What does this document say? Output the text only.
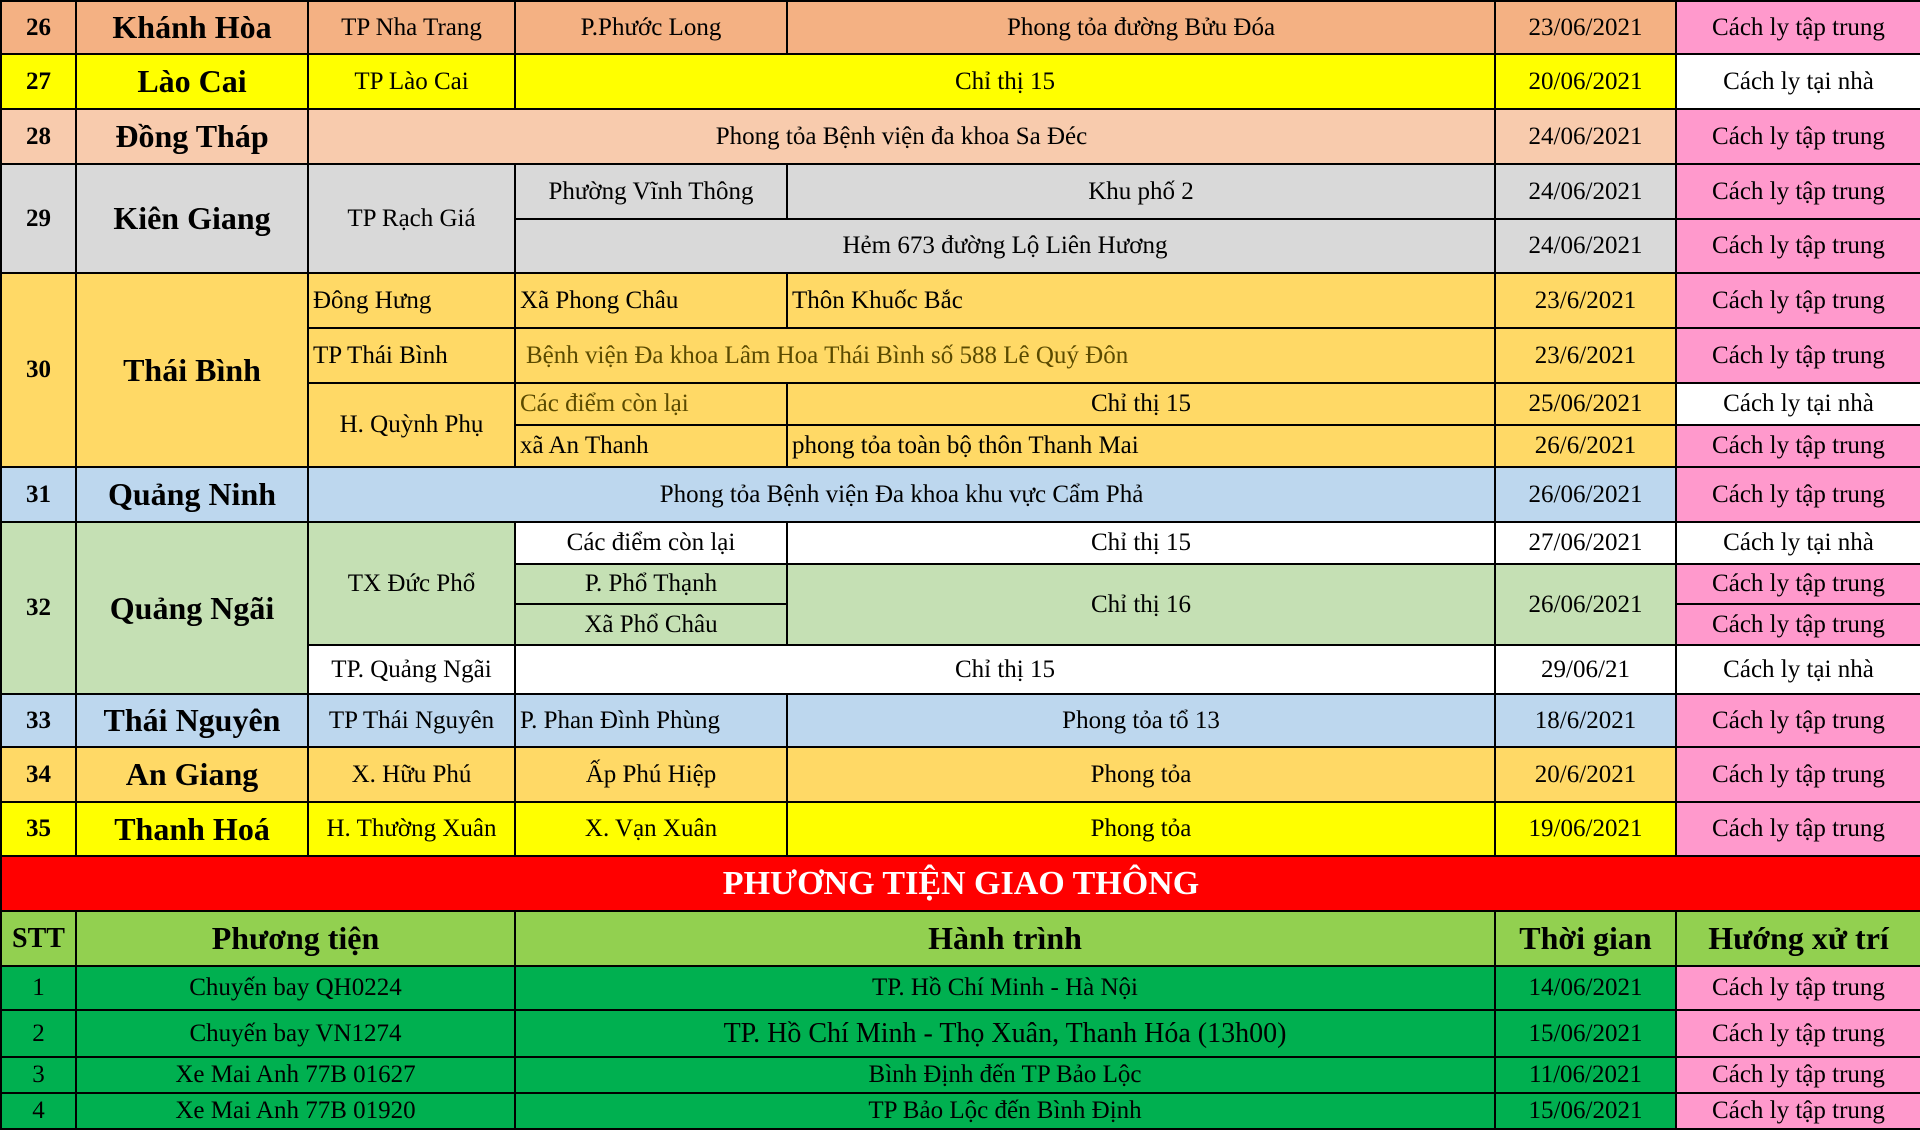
26	Khánh Hòa	TP Nha Trang	P.Phước Long	Phong tỏa đường Bửu Đóa	23/06/2021	Cách ly tập trung
27	Lào Cai	TP Lào Cai	Chỉ thị 15		20/06/2021	Cách ly tại nhà
28	Đồng Tháp	Phong tỏa Bệnh viện đa khoa Sa Đéc			24/06/2021	Cách ly tập trung
29	Kiên Giang	TP Rạch Giá	Phường Vĩnh Thông	Khu phố 2	24/06/2021	Cách ly tập trung
			Hẻm 673 đường Lộ Liên Hương		24/06/2021	Cách ly tập trung
30	Thái Bình	Đông Hưng	Xã Phong Châu	Thôn Khuốc Bắc	23/6/2021	Cách ly tập trung
		TP Thái Bình	Bệnh viện Đa khoa Lâm Hoa Thái Bình số 588 Lê Quý Đôn		23/6/2021	Cách ly tập trung
		H. Quỳnh Phụ	Các điểm còn lại	Chỉ thị 15	25/06/2021	Cách ly tại nhà
			xã An Thanh	phong tỏa toàn bộ thôn Thanh Mai	26/6/2021	Cách ly tập trung
31	Quảng Ninh	Phong tỏa Bệnh viện Đa khoa khu vực Cẩm Phả			26/06/2021	Cách ly tập trung
32	Quảng Ngãi	TX Đức Phổ	Các điểm còn lại	Chỉ thị 15	27/06/2021	Cách ly tại nhà
			P. Phổ Thạnh	Chỉ thị 16	26/06/2021	Cách ly tập trung
			Xã Phổ Châu			Cách ly tập trung
		TP. Quảng Ngãi	Chỉ thị 15		29/06/21	Cách ly tại nhà
33	Thái Nguyên	TP Thái Nguyên	P. Phan Đình Phùng	Phong tỏa tổ 13	18/6/2021	Cách ly tập trung
34	An Giang	X. Hữu Phú	Ấp Phú Hiệp	Phong tỏa	20/6/2021	Cách ly tập trung
35	Thanh Hoá	H. Thường Xuân	X. Vạn Xuân	Phong tỏa	19/06/2021	Cách ly tập trung
PHƯƠNG TIỆN GIAO THÔNG						
STT	Phương tiện		Hành trình		Thời gian	Hướng xử trí
1	Chuyến bay QH0224		TP. Hồ Chí Minh - Hà Nội		14/06/2021	Cách ly tập trung
2	Chuyến bay VN1274		TP. Hồ Chí Minh - Thọ Xuân, Thanh Hóa (13h00)		15/06/2021	Cách ly tập trung
3	Xe Mai Anh 77B 01627		Bình Định đến TP Bảo Lộc		11/06/2021	Cách ly tập trung
4	Xe Mai Anh 77B 01920		TP Bảo Lộc đến Bình Định		15/06/2021	Cách ly tập trung
